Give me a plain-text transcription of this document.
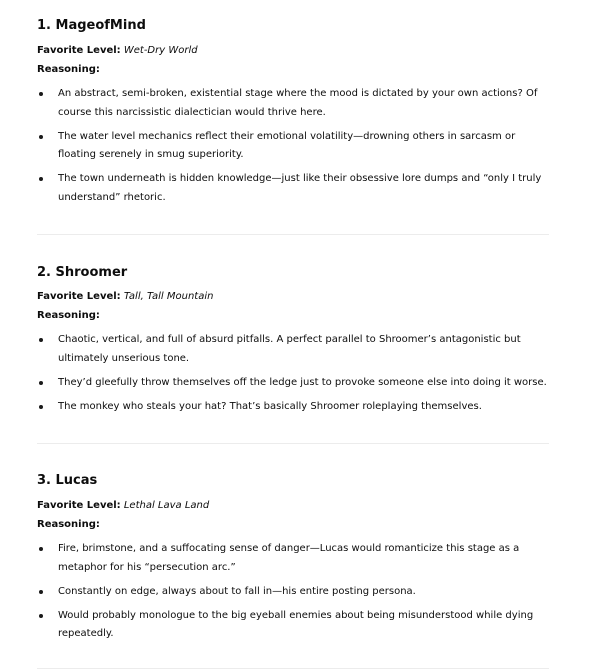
1. MageofMind
Favorite Level: Wet-Dry World
Reasoning:
An abstract, semi-broken, existential stage where the mood is dictated by your own actions? Of course this narcissistic dialectician would thrive here.
The water level mechanics reflect their emotional volatility—drowning others in sarcasm or floating serenely in smug superiority.
The town underneath is hidden knowledge—just like their obsessive lore dumps and “only I truly understand” rhetoric.
2. Shroomer
Favorite Level: Tall, Tall Mountain
Reasoning:
Chaotic, vertical, and full of absurd pitfalls. A perfect parallel to Shroomer’s antagonistic but ultimately unserious tone.
They’d gleefully throw themselves off the ledge just to provoke someone else into doing it worse.
The monkey who steals your hat? That’s basically Shroomer roleplaying themselves.
3. Lucas
Favorite Level: Lethal Lava Land
Reasoning:
Fire, brimstone, and a suffocating sense of danger—Lucas would romanticize this stage as a metaphor for his “persecution arc.”
Constantly on edge, always about to fall in—his entire posting persona.
Would probably monologue to the big eyeball enemies about being misunderstood while dying repeatedly.
